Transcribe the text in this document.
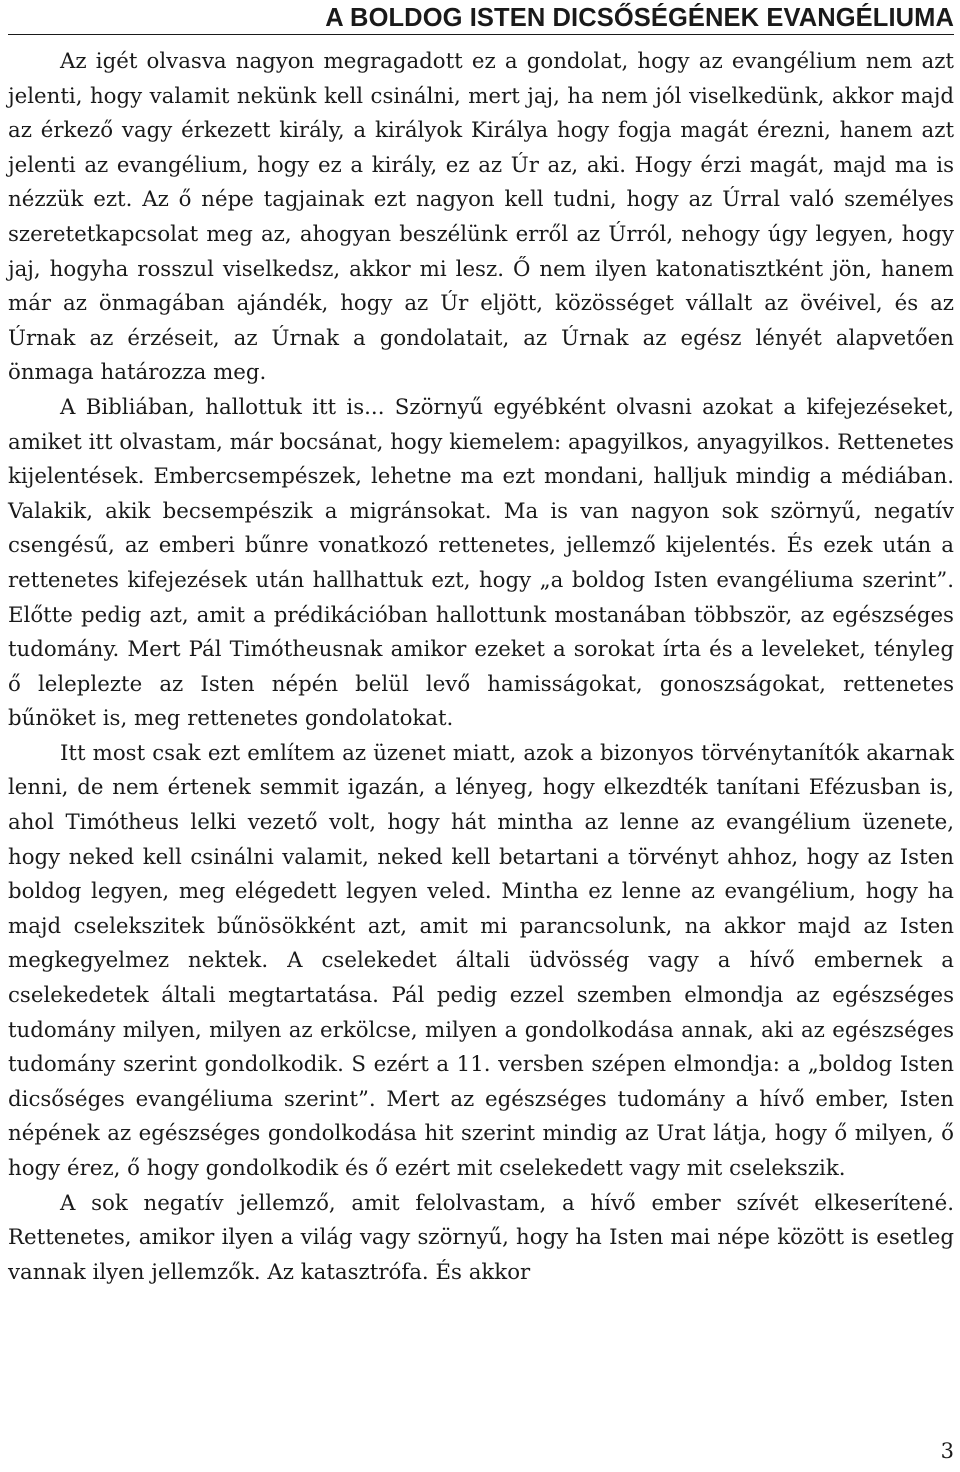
A BOLDOG ISTEN DICSŐSÉGÉNEK EVANGÉLIUMA

Az igét olvasva nagyon megragadott ez a gondolat, hogy az evangélium nem azt jelenti, hogy valamit nekünk kell csinálni, mert jaj, ha nem jól viselkedünk, akkor majd az érkező vagy érkezett király, a királyok Királya hogy fogja magát érezni, hanem azt jelenti az evangélium, hogy ez a király, ez az Úr az, aki. Hogy érzi magát, majd ma is nézzük ezt. Az ő népe tagjainak ezt nagyon kell tudni, hogy az Úrral való személyes szeretetkapcsolat meg az, ahogyan beszélünk erről az Úrról, nehogy úgy legyen, hogy jaj, hogyha rosszul viselkedsz, akkor mi lesz. Ő nem ilyen katonatisztként jön, hanem már az önmagában ajándék, hogy az Úr eljött, közösséget vállalt az övéivel, és az Úrnak az érzéseit, az Úrnak a gondolatait, az Úrnak az egész lényét alapvetően önmaga határozza meg.

A Bibliában, hallottuk itt is... Szörnyű egyébként olvasni azokat a kifejezéseket, amiket itt olvastam, már bocsánat, hogy kiemelem: apagyilkos, anyagyilkos. Rettenetes kijelentések. Embercsempészek, lehetne ma ezt mondani, halljuk mindig a médiában. Valakik, akik becsempészik a migránsokat. Ma is van nagyon sok szörnyű, negatív csengésű, az emberi bűnre vonatkozó rettenetes, jellemző kijelentés. És ezek után a rettenetes kifejezések után hallhattuk ezt, hogy „a boldog Isten evangéliuma szerint”. Előtte pedig azt, amit a prédikációban hallottunk mostanában többször, az egészséges tudomány. Mert Pál Timótheusnak amikor ezeket a sorokat írta és a leveleket, tényleg ő leleplezte az Isten népén belül levő hamisságokat, gonoszságokat, rettenetes bűnöket is, meg rettenetes gondolatokat.

Itt most csak ezt említem az üzenet miatt, azok a bizonyos törvénytanítók akarnak lenni, de nem értenek semmit igazán, a lényeg, hogy elkezdték tanítani Efézusban is, ahol Timótheus lelki vezető volt, hogy hát mintha az lenne az evangélium üzenete, hogy neked kell csinálni valamit, neked kell betartani a törvényt ahhoz, hogy az Isten boldog legyen, meg elégedett legyen veled. Mintha ez lenne az evangélium, hogy ha majd cselekszitek bűnösökként azt, amit mi parancsolunk, na akkor majd az Isten megkegyelmez nektek. A cselekedet általi üdvösség vagy a hívő embernek a cselekedetek általi megtartatása. Pál pedig ezzel szemben elmondja az egészséges tudomány milyen, milyen az erkölcse, milyen a gondolkodása annak, aki az egészséges tudomány szerint gondolkodik. S ezért a 11. versben szépen elmondja: a „boldog Isten dicsőséges evangéliuma szerint”. Mert az egészséges tudomány a hívő ember, Isten népének az egészséges gondolkodása hit szerint mindig az Urat látja, hogy ő milyen, ő hogy érez, ő hogy gondolkodik és ő ezért mit cselekedett vagy mit cselekszik.

A sok negatív jellemző, amit felolvastam, a hívő ember szívét elkeserítené. Rettenetes, amikor ilyen a világ vagy szörnyű, hogy ha Isten mai népe között is esetleg vannak ilyen jellemzők. Az katasztrófa. És akkor

3
